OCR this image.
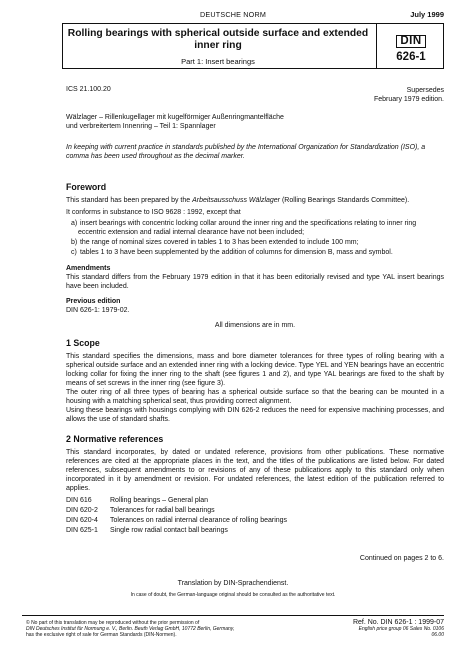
DEUTSCHE NORM	July 1999
Rolling bearings with spherical outside surface and extended inner ring
Part 1: Insert bearings
DIN
626-1
ICS 21.100.20	Supersedes
February 1979 edition.
Wälzlager – Rillenkugellager mit kugelförmiger Außenringmantelfläche
und verbreitertem Innenring – Teil 1: Spannlager
In keeping with current practice in standards published by the International Organization for Standardization (ISO), a comma has been used throughout as the decimal marker.
Foreword

This standard has been prepared by the Arbeitsausschuss Wälzlager (Rolling Bearings Standards Committee).

It conforms in substance to ISO 9628 : 1992, except that

a) insert bearings with concentric locking collar around the inner ring and the specifications relating to inner ring eccentric extension and radial internal clearance have not been included;
b) the range of nominal sizes covered in tables 1 to 3 has been extended to include 100 mm;
c) tables 1 to 3 have been supplemented by the addition of columns for dimension B, mass and symbol.
Amendments

This standard differs from the February 1979 edition in that it has been editorially revised and type YAL insert bearings have been included.

Previous edition

DIN 626-1: 1979-02.

All dimensions are in mm.
1 Scope

This standard specifies the dimensions, mass and bore diameter tolerances for three types of rolling bearing with a spherical outside surface and an extended inner ring with a locking device. Type YEL and YEN bearings have an eccentric locking collar for fixing the inner ring to the shaft (see figures 1 and 2), and type YAL bearings are fixed to the shaft by means of set screws in the inner ring (see figure 3).

The outer ring of all three types of bearing has a spherical outside surface so that the bearing can be mounted in a housing with a matching spherical seat, thus providing correct alignment.

Using these bearings with housings complying with DIN 626-2 reduces the need for expensive machining processes, and allows the use of standard shafts.

2 Normative references

This standard incorporates, by dated or undated reference, provisions from other publications. These normative references are cited at the appropriate places in the text, and the titles of the publications are listed below. For dated references, subsequent amendments to or revisions of any of these publications apply to this standard only when incorporated in it by amendment or revision. For undated references, the latest edition of the publication referred to applies.

DIN 616	Rolling bearings – General plan
DIN 620-2	Tolerances for radial ball bearings
DIN 620-4	Tolerances on radial internal clearance of rolling bearings
DIN 625-1	Single row radial contact ball bearings
Continued on pages 2 to 6.
Translation by DIN-Sprachendienst.
In case of doubt, the German-language original should be consulted as the authoritative text.
© No part of this translation may be reproduced without the prior permission of
DIN Deutsches Institut für Normung e. V., Berlin. Beuth Verlag GmbH, 10772 Berlin, Germany,
has the exclusive right of sale for German Standards (DIN-Normen).
Ref. No. DIN 626-1 : 1999-07
English price group 06 Sales No. 0106
06.00
